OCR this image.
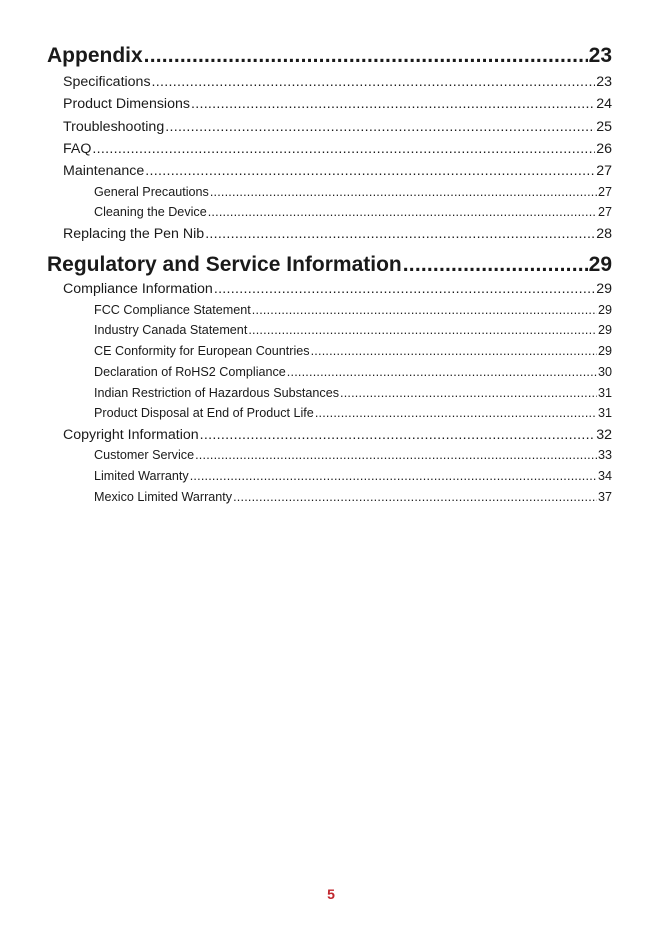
Appendix .....	23
Specifications .....	23
Product Dimensions .....	24
Troubleshooting .....	25
FAQ .....	26
Maintenance .....	27
General Precautions .....	27
Cleaning the Device .....	27
Replacing the Pen Nib .....	28
Regulatory and Service Information .....	29
Compliance Information .....	29
FCC Compliance Statement .....	29
Industry Canada Statement .....	29
CE Conformity for European Countries .....	29
Declaration of RoHS2 Compliance .....	30
Indian Restriction of Hazardous Substances .....	31
Product Disposal at End of Product Life .....	31
Copyright Information .....	32
Customer Service .....	33
Limited Warranty .....	34
Mexico Limited Warranty .....	37
5
